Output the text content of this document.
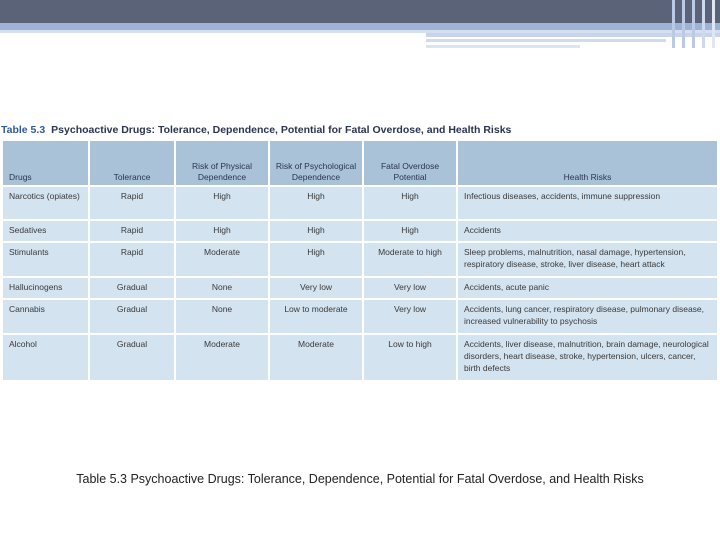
Table 5.3 Psychoactive Drugs: Tolerance, Dependence, Potential for Fatal Overdose, and Health Risks
Drugs	Tolerance	Risk of Physical Dependence	Risk of Psychological Dependence	Fatal Overdose Potential	Health Risks
Narcotics (opiates)	Rapid	High	High	High	Infectious diseases, accidents, immune suppression
Sedatives	Rapid	High	High	High	Accidents
Stimulants	Rapid	Moderate	High	Moderate to high	Sleep problems, malnutrition, nasal damage, hypertension, respiratory disease, stroke, liver disease, heart attack
Hallucinogens	Gradual	None	Very low	Very low	Accidents, acute panic
Cannabis	Gradual	None	Low to moderate	Very low	Accidents, lung cancer, respiratory disease, pulmonary disease, increased vulnerability to psychosis
Alcohol	Gradual	Moderate	Moderate	Low to high	Accidents, liver disease, malnutrition, brain damage, neurological disorders, heart disease, stroke, hypertension, ulcers, cancer, birth defects
Table 5.3 Psychoactive Drugs: Tolerance, Dependence, Potential for Fatal Overdose, and Health Risks
